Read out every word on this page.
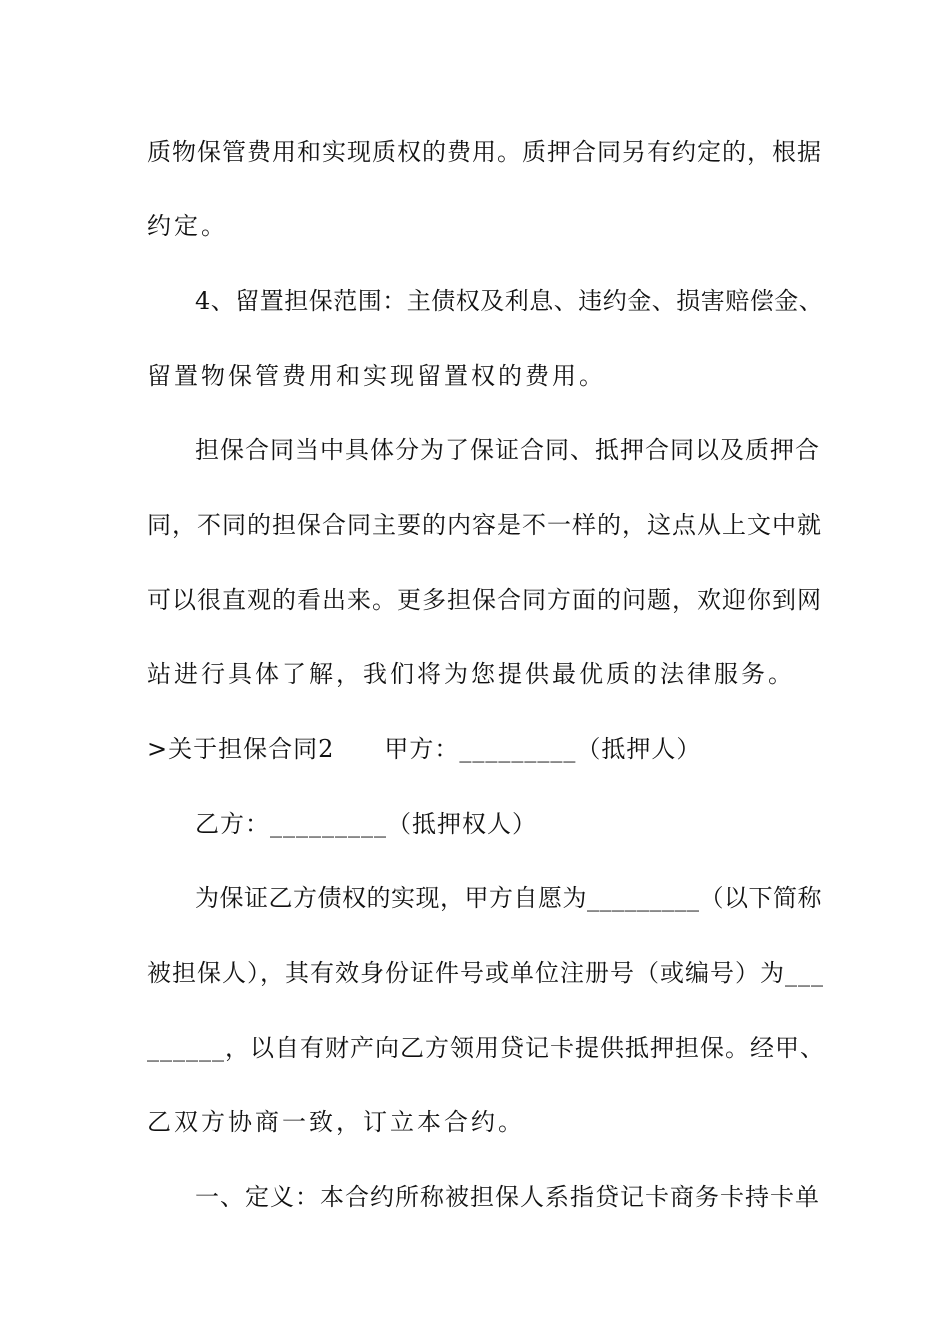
质物保管费用和实现质权的费用。质押合同另有约定的，根据
约定。
4、留置担保范围：主债权及利息、违约金、损害赔偿金、
留置物保管费用和实现留置权的费用。
担保合同当中具体分为了保证合同、抵押合同以及质押合
同，不同的担保合同主要的内容是不一样的，这点从上文中就
可以很直观的看出来。更多担保合同方面的问题，欢迎你到网
站进行具体了解，我们将为您提供最优质的法律服务。
>关于担保合同2　　甲方：_________（抵押人）
乙方：_________（抵押权人）
为保证乙方债权的实现，甲方自愿为_________（以下简称
被担保人），其有效身份证件号或单位注册号（或编号）为___
______，以自有财产向乙方领用贷记卡提供抵押担保。经甲、
乙双方协商一致，订立本合约。
一、定义：本合约所称被担保人系指贷记卡商务卡持卡单
